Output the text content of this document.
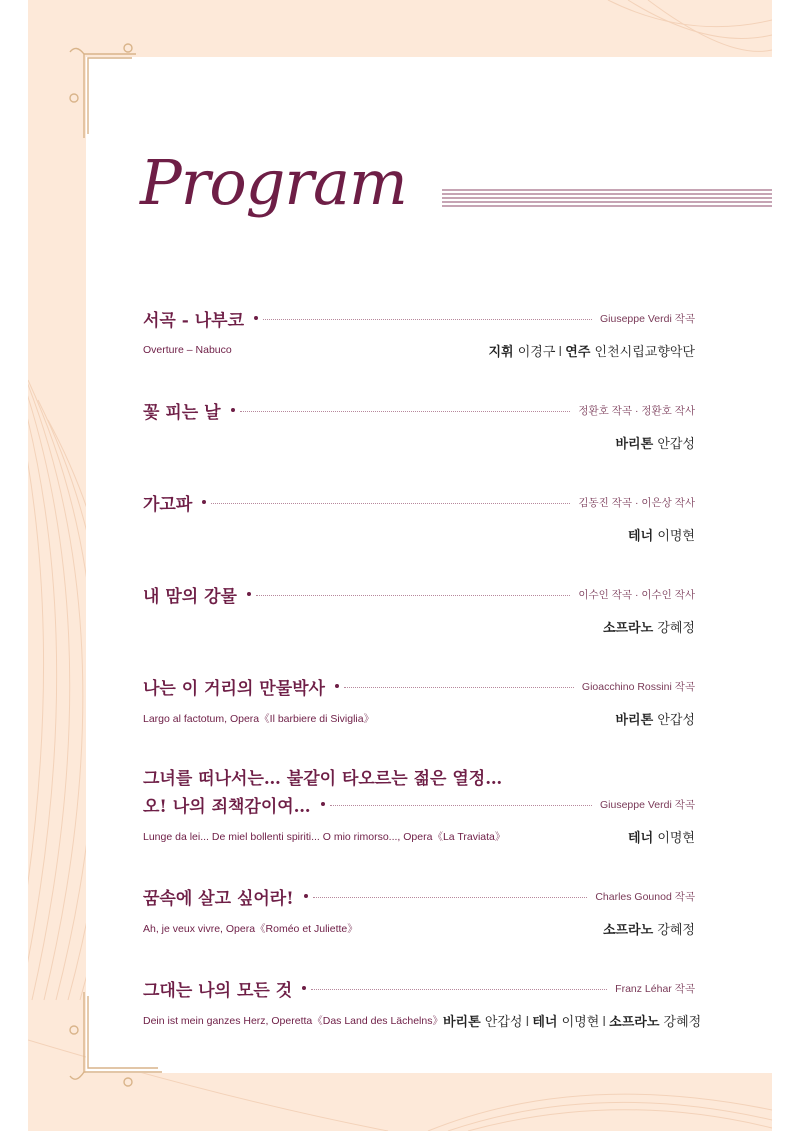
Program
서곡 - 나부코	Giuseppe Verdi 작곡
Overture – Nabuco	지휘 이경구 I 연주 인천시립교향악단
꽃 피는 날	정환호 작곡 · 정환호 작사
바리톤 안갑성
가고파	김동진 작곡 · 이은상 작사
테너 이명현
내 맘의 강물	이수인 작곡 · 이수인 작사
소프라노 강혜정
나는 이 거리의 만물박사	Gioacchino Rossini 작곡
Largo al factotum, Opera《Il barbiere di Siviglia》	바리톤 안갑성
그녀를 떠나서는… 불같이 타오르는 젊은 열정…
오! 나의 죄책감이여…	Giuseppe Verdi 작곡
Lunge da lei... De miel bollenti spiriti... O mio rimorso..., Opera《La Traviata》	테너 이명현
꿈속에 살고 싶어라!	Charles Gounod 작곡
Ah, je veux vivre, Opera《Roméo et Juliette》	소프라노 강혜정
그대는 나의 모든 것	Franz Léhar 작곡
Dein ist mein ganzes Herz, Operetta《Das Land des Lächelns》 바리톤 안갑성 I 테너 이명현 I 소프라노 강혜정
